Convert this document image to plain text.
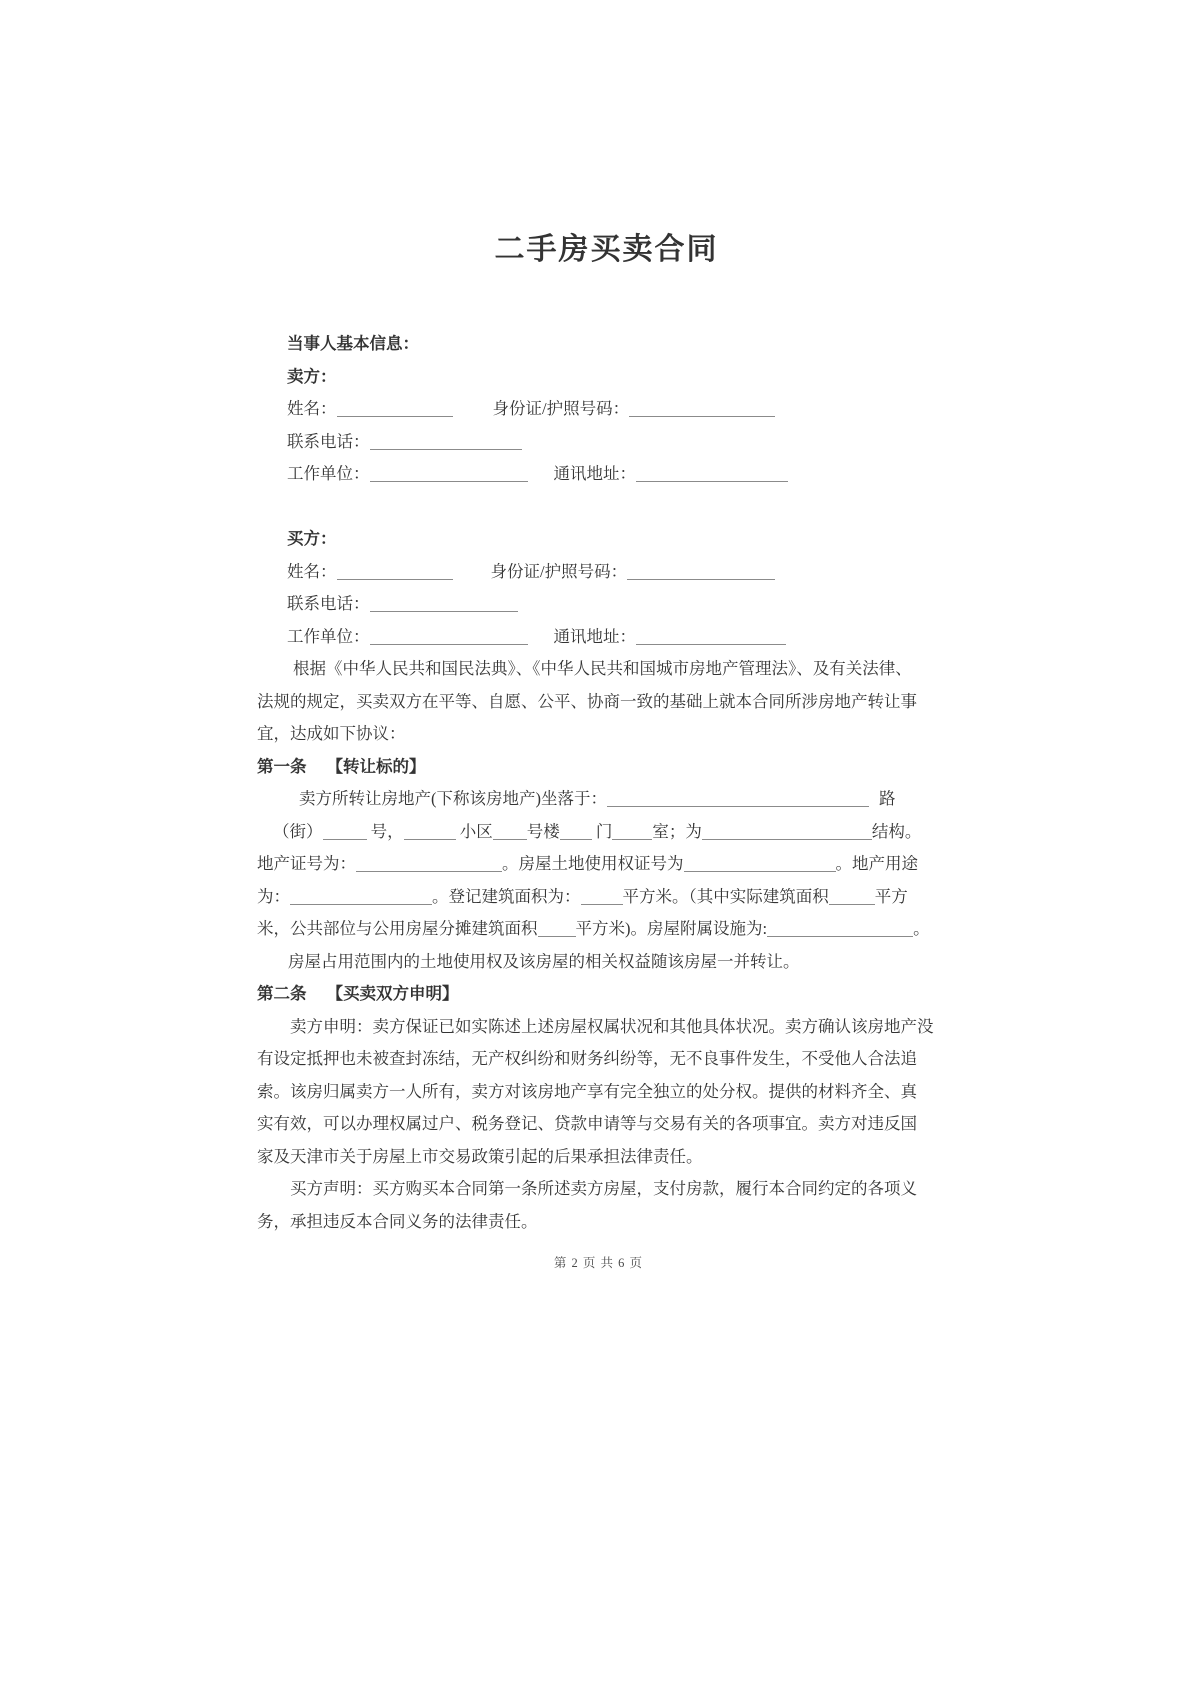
二手房买卖合同
当事人基本信息：
卖方：
姓名：	身份证/护照号码：
联系电话：
工作单位：	通讯地址：
买方：
姓名：	身份证/护照号码：
联系电话：
工作单位：	通讯地址：
根据《中华人民共和国民法典》、《中华人民共和国城市房地产管理法》、及有关法律、
法规的规定，买卖双方在平等、自愿、公平、协商一致的基础上就本合同所涉房地产转让事
宜，达成如下协议：
第一条 【转让标的】
卖方所转让房地产(下称该房地产)坐落于：	路
（街）	号，	小区 号楼 门 室；为	结构。
地产证号为：	。房屋土地使用权证号为	。地产用途
为：	。登记建筑面积为：	平方米。（其中实际建筑面积	平方
米，公共部位与公用房屋分摊建筑面积 平方米)。房屋附属设施为:	。
房屋占用范围内的土地使用权及该房屋的相关权益随该房屋一并转让。
第二条 【买卖双方申明】
卖方申明：卖方保证已如实陈述上述房屋权属状况和其他具体状况。卖方确认该房地产没
有设定抵押也未被查封冻结，无产权纠纷和财务纠纷等，无不良事件发生，不受他人合法追
索。该房归属卖方一人所有，卖方对该房地产享有完全独立的处分权。提供的材料齐全、真
实有效，可以办理权属过户、税务登记、贷款申请等与交易有关的各项事宜。卖方对违反国
家及天津市关于房屋上市交易政策引起的后果承担法律责任。
买方声明：买方购买本合同第一条所述卖方房屋，支付房款，履行本合同约定的各项义
务，承担违反本合同义务的法律责任。
第 2 页 共 6 页
